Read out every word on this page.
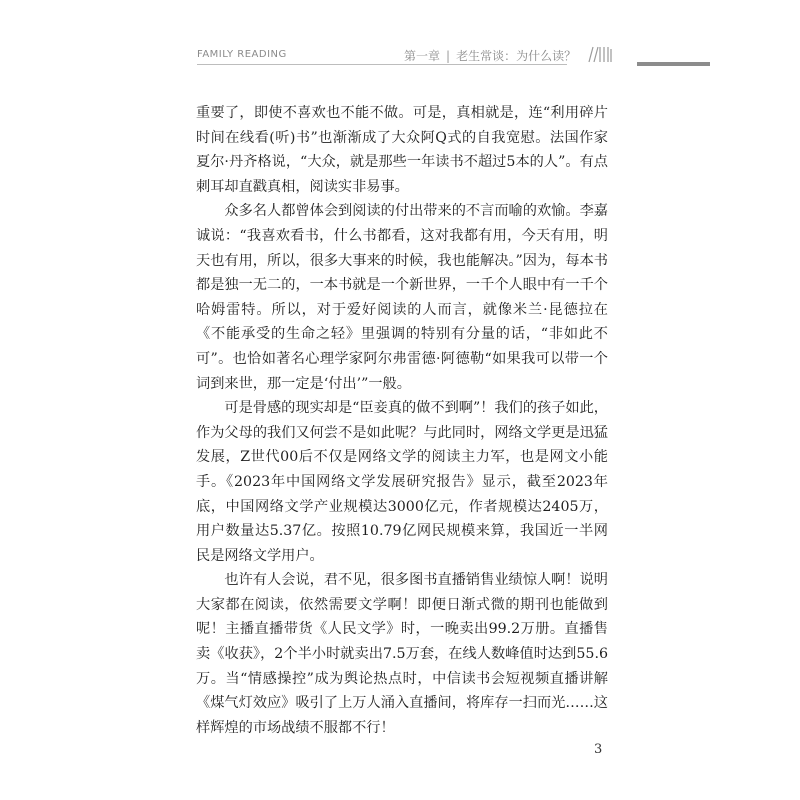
FAMILY READING	第一章 | 老生常谈：为什么读？

重要了，即使不喜欢也不能不做。可是，真相就是，连“利用碎片时间在线看(听)书”也渐渐成了大众阿Q式的自我宽慰。法国作家夏尔·丹齐格说，“大众，就是那些一年读书不超过5本的人”。有点刺耳却直戳真相，阅读实非易事。

众多名人都曾体会到阅读的付出带来的不言而喻的欢愉。李嘉诚说：“我喜欢看书，什么书都看，这对我都有用，今天有用，明天也有用，所以，很多大事来的时候，我也能解决。”因为，每本书都是独一无二的，一本书就是一个新世界，一千个人眼中有一千个哈姆雷特。所以，对于爱好阅读的人而言，就像米兰·昆德拉在《不能承受的生命之轻》里强调的特别有分量的话，“非如此不可”。也恰如著名心理学家阿尔弗雷德·阿德勒“如果我可以带一个词到来世，那一定是‘付出’”一般。

可是骨感的现实却是“臣妾真的做不到啊”！我们的孩子如此，作为父母的我们又何尝不是如此呢？与此同时，网络文学更是迅猛发展，Z世代00后不仅是网络文学的阅读主力军，也是网文小能手。《2023年中国网络文学发展研究报告》显示，截至2023年底，中国网络文学产业规模达3000亿元，作者规模达2405万，用户数量达5.37亿。按照10.79亿网民规模来算，我国近一半网民是网络文学用户。

也许有人会说，君不见，很多图书直播销售业绩惊人啊！说明大家都在阅读，依然需要文学啊！即便日渐式微的期刊也能做到呢！主播直播带货《人民文学》时，一晚卖出99.2万册。直播售卖《收获》，2个半小时就卖出7.5万套，在线人数峰值时达到55.6万。当“情感操控”成为舆论热点时，中信读书会短视频直播讲解《煤气灯效应》吸引了上万人涌入直播间，将库存一扫而光……这样辉煌的市场战绩不服都不行！

3
